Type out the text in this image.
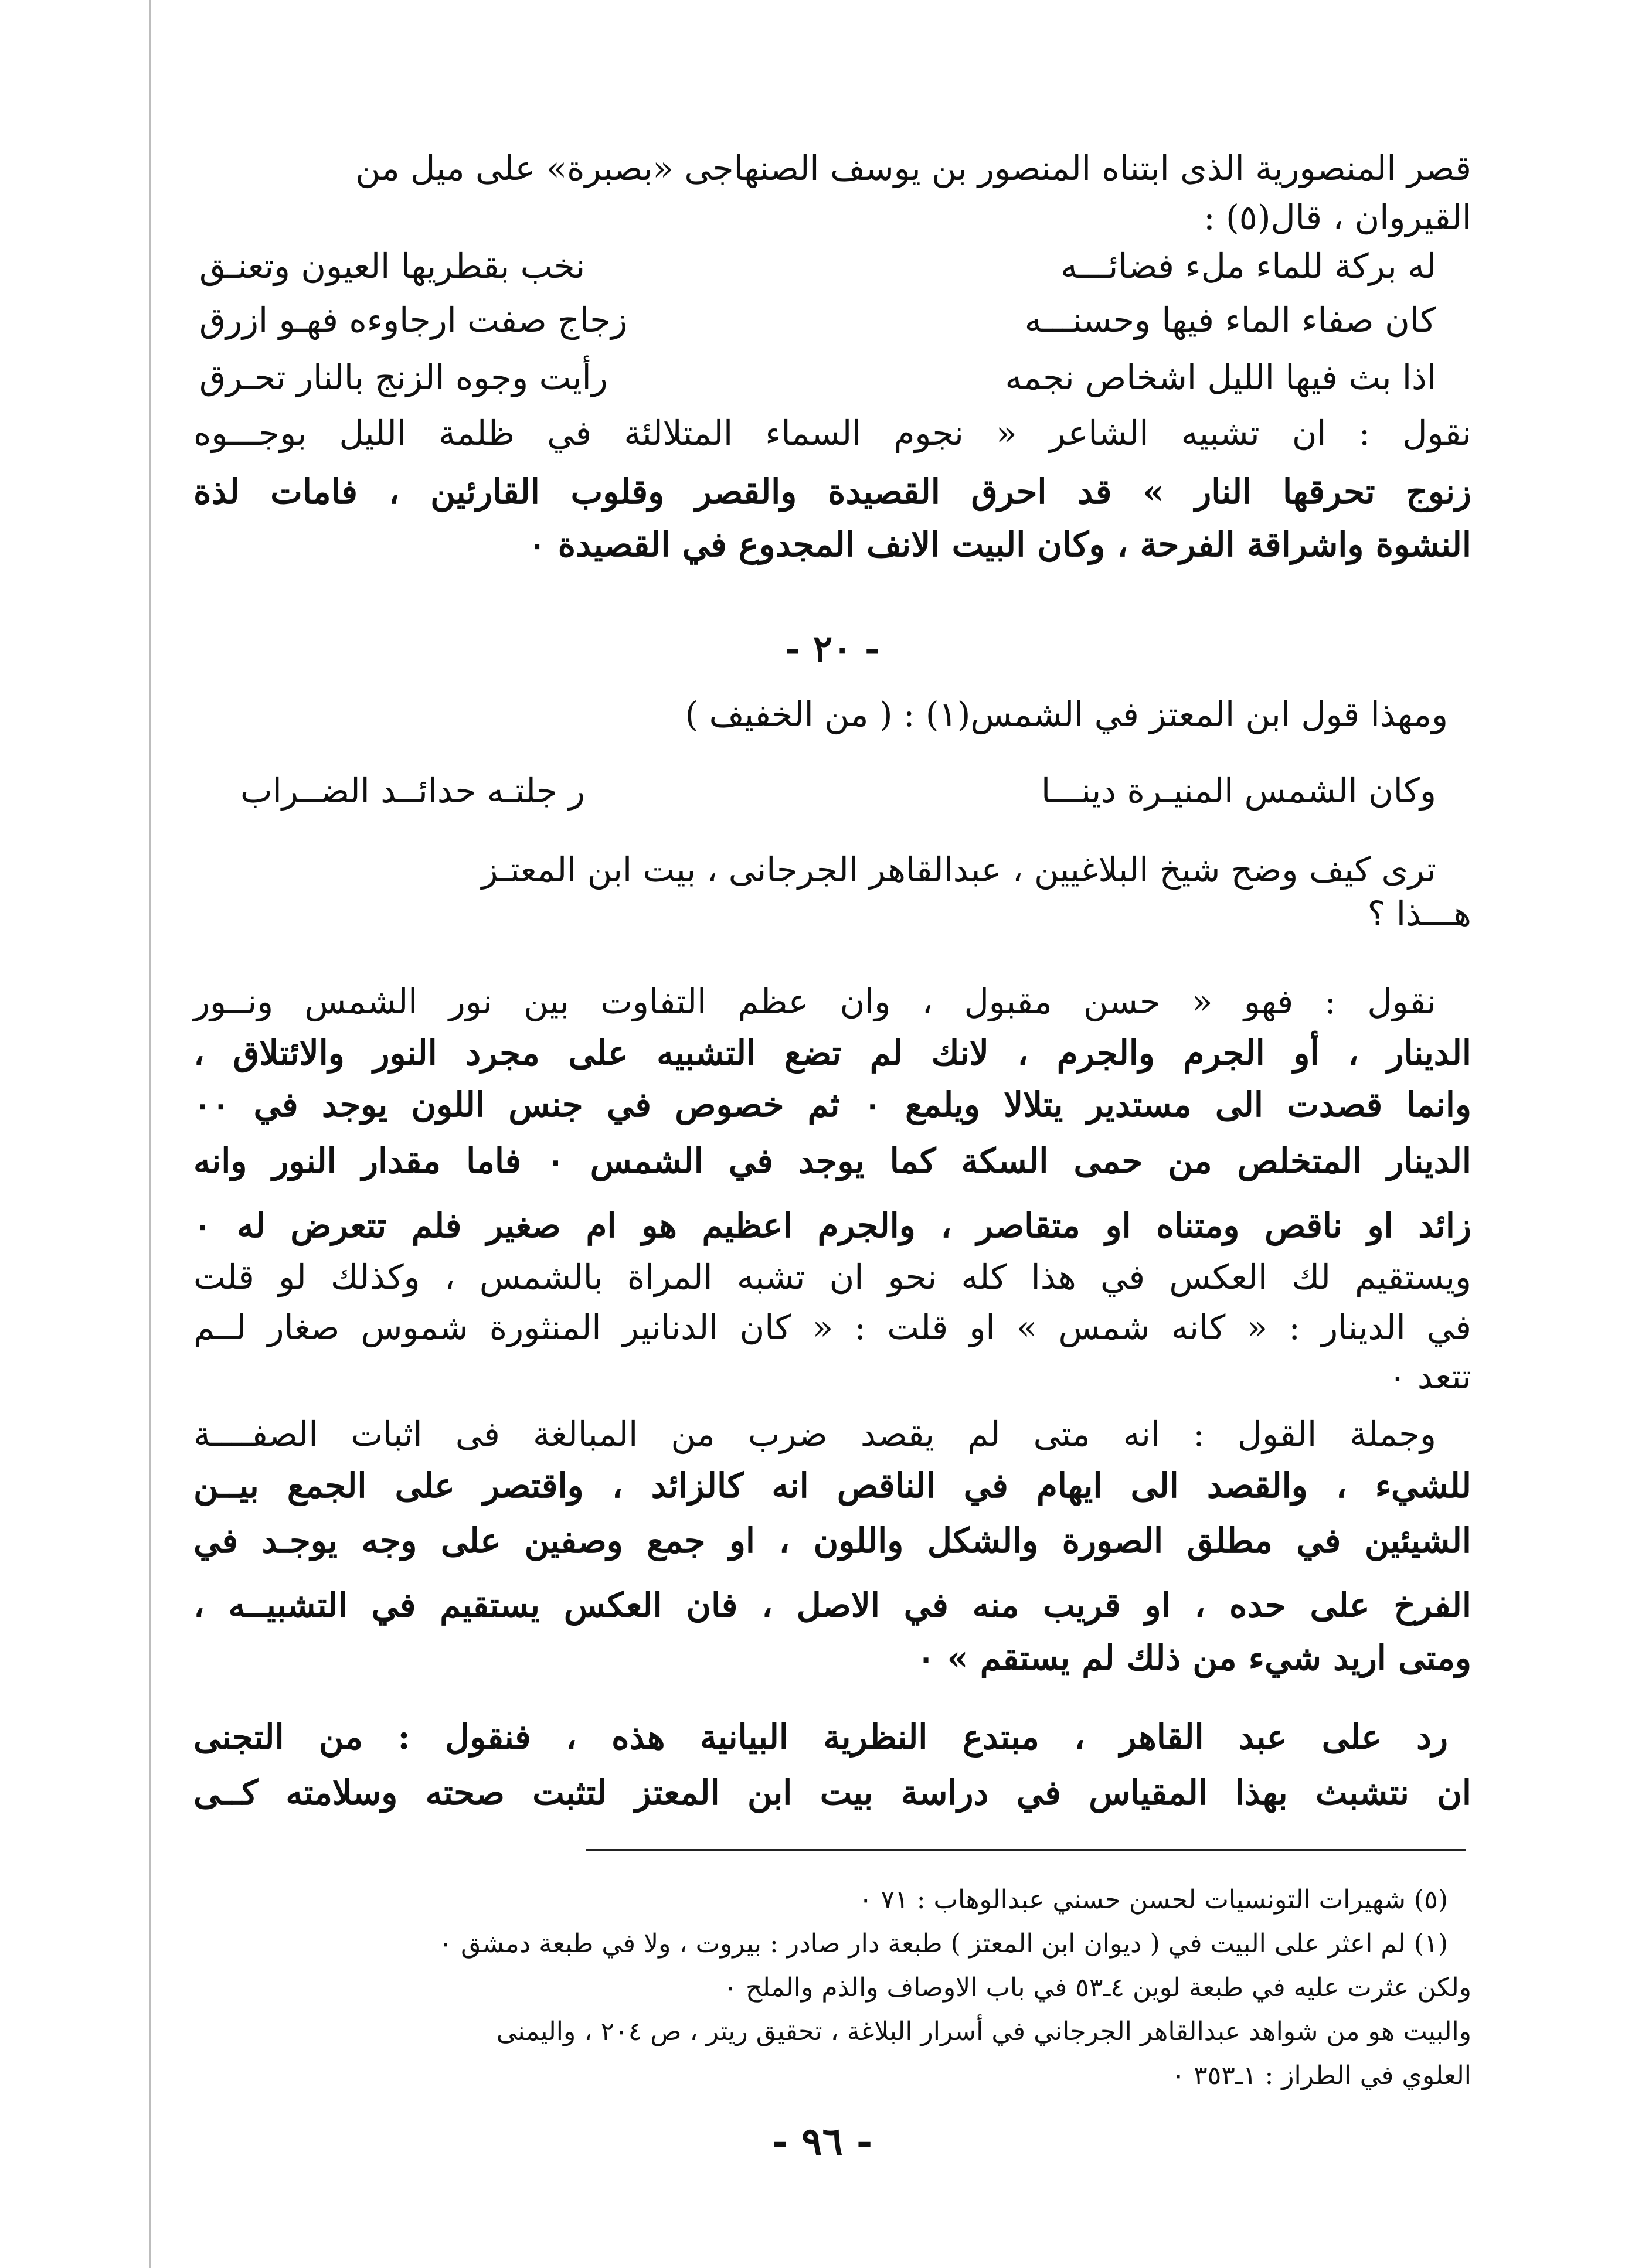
قصر المنصورية الذى ابتناه المنصور بن يوسف الصنهاجى «بصبرة» على ميل من
القيروان ، قال(٥) :
له بركة للماء ملء فضائـــه
نخب بقطريها العيون وتعنـق
كان صفاء الماء فيها وحسنـــه
زجاج صفت ارجاوءه فهـو ازرق
اذا بث فيها الليل اشخاص نجمه
رأيت وجوه الزنج بالنار تحـرق
نقول : ان تشبيه الشاعر « نجوم السماء المتلالئة في ظلمة الليل بوجـــوه
زنوج تحرقها النار » قد احرق القصيدة والقصر وقلوب القارئين ، فامات لذة
النشوة واشراقة الفرحة ، وكان البيت الانف المجدوع في القصيدة ٠
- ٢٠ -
ومهذا قول ابن المعتز في الشمس(١) : ( من الخفيف )
وكان الشمس المنيـرة دينـــا
ر جلتـه حدائــد الضــراب
ترى كيف وضح شيخ البلاغيين ، عبدالقاهر الجرجانى ، بيت ابن المعتـز
هـــذا ؟
نقول : فهو « حسن مقبول ، وان عظم التفاوت بين نور الشمس ونــور
الدينار ، أو الجرم والجرم ، لانك لم تضع التشبيه على مجرد النور والائتلاق ،
وانما قصدت الى مستدير يتلالا ويلمع ٠ ثم خصوص في جنس اللون يوجد في ٠٠
الدينار المتخلص من حمى السكة كما يوجد في الشمس ٠ فاما مقدار النور وانه
زائد او ناقص ومتناه او متقاصر ، والجرم اعظيم هو ام صغير فلم تتعرض له ٠
ويستقيم لك العكس في هذا كله نحو ان تشبه المراة بالشمس ، وكذلك لو قلت
في الدينار : « كانه شمس » او قلت : « كان الدنانير المنثورة شموس صغار لــم
تتعد ٠
وجملة القول : انه متى لم يقصد ضرب من المبالغة فى اثبات الصفــــة
للشيء ، والقصد الى ايهام في الناقص انه كالزائد ، واقتصر على الجمع بيــن
الشيئين في مطلق الصورة والشكل واللون ، او جمع وصفين على وجه يوجـد في
الفرخ على حده ، او قريب منه في الاصل ، فان العكس يستقيم في التشبيــه ،
ومتى اريد شيء من ذلك لم يستقم » ٠
رد على عبد القاهر ، مبتدع النظرية البيانية هذه ، فنقول : من التجنى
ان نتشبث بهذا المقياس في دراسة بيت ابن المعتز لتثبت صحته وسلامته كــى
(٥) شهيرات التونسيات لحسن حسني عبدالوهاب : ٧١ ٠
(١) لم اعثر على البيت في ( ديوان ابن المعتز ) طبعة دار صادر : بيروت ، ولا في طبعة دمشق ٠
ولكن عثرت عليه في طبعة لوين ٤ـ٥٣ في باب الاوصاف والذم والملح ٠
والبيت هو من شواهد عبدالقاهر الجرجاني في أسرار البلاغة ، تحقيق ريتر ، ص ٢٠٤ ، واليمنى
العلوي في الطراز : ١ـ٣٥٣ ٠
- ٩٦ -
